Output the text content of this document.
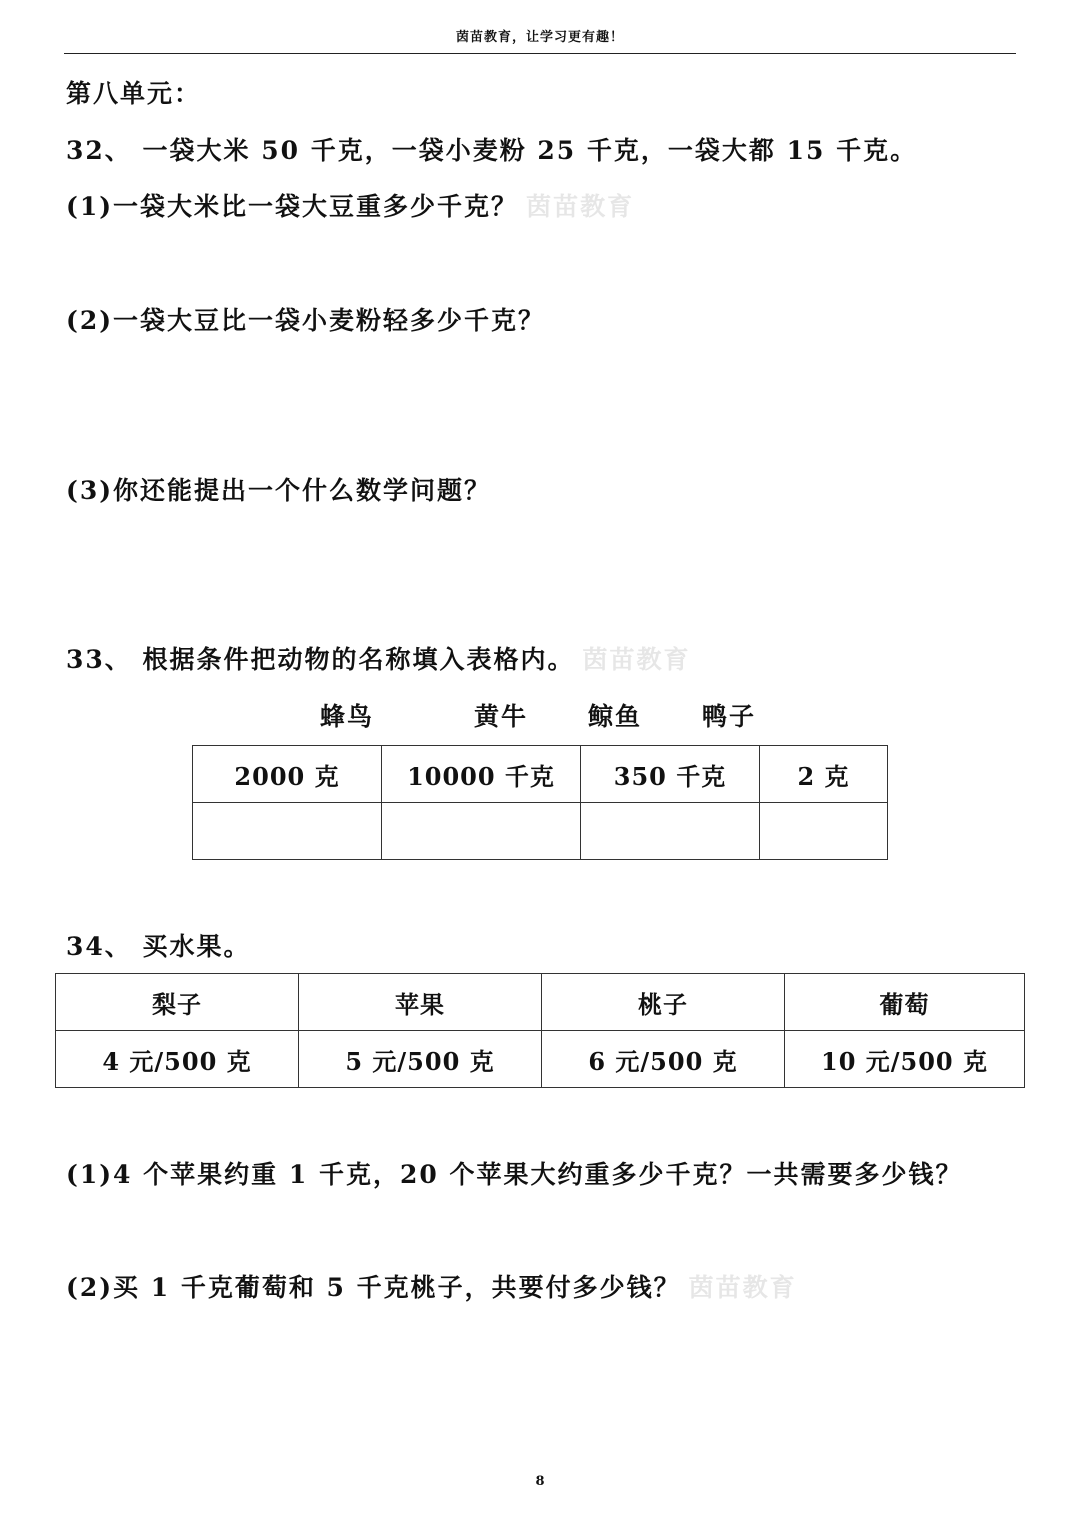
茵苗教育，让学习更有趣！
第八单元：
32、 一袋大米 50 千克，一袋小麦粉 25 千克，一袋大都 15 千克。
(1)一袋大米比一袋大豆重多少千克？ 茵苗教育
(2)一袋大豆比一袋小麦粉轻多少千克？
(3)你还能提出一个什么数学问题？
33、 根据条件把动物的名称填入表格内。 茵苗教育
蜂鸟	黄牛 鲸鱼 鸭子
2000 克	10000 千克	350 千克	2 克

34、 买水果。
梨子	苹果	桃子	葡萄
4 元/500 克	5 元/500 克	6 元/500 克	10 元/500 克
(1)4 个苹果约重 1 千克，20 个苹果大约重多少千克？一共需要多少钱？
(2)买 1 千克葡萄和 5 千克桃子，共要付多少钱？ 茵苗教育
8
